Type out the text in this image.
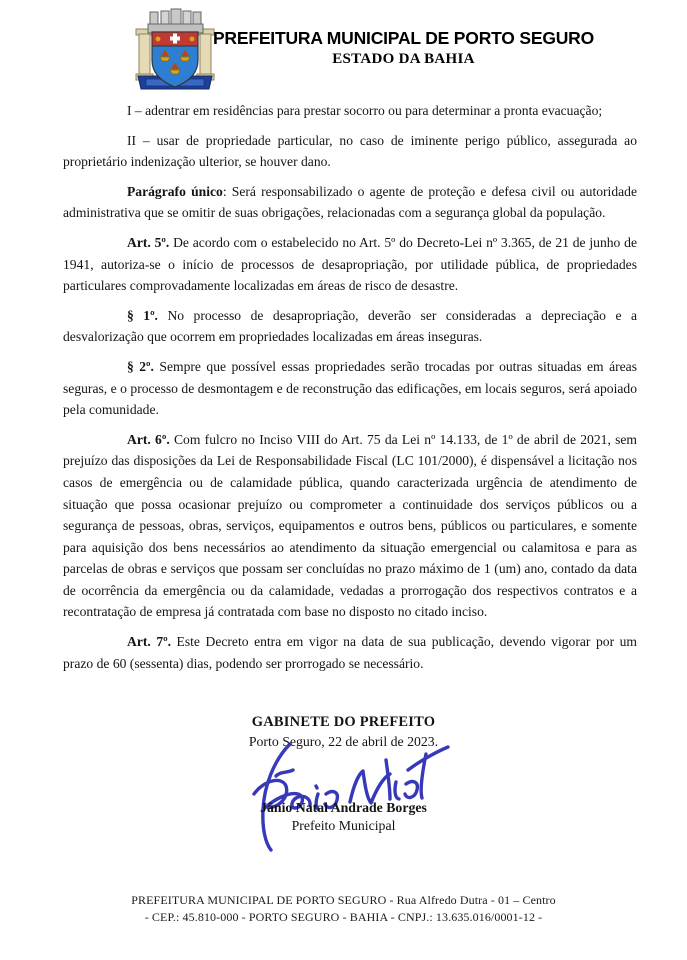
PREFEITURA MUNICIPAL DE PORTO SEGURO
ESTADO DA BAHIA

I – adentrar em residências para prestar socorro ou para determinar a pronta evacuação;

II – usar de propriedade particular, no caso de iminente perigo público, assegurada ao proprietário indenização ulterior, se houver dano.

Parágrafo único: Será responsabilizado o agente de proteção e defesa civil ou autoridade administrativa que se omitir de suas obrigações, relacionadas com a segurança global da população.

Art. 5º. De acordo com o estabelecido no Art. 5º do Decreto-Lei nº 3.365, de 21 de junho de 1941, autoriza-se o início de processos de desapropriação, por utilidade pública, de propriedades particulares comprovadamente localizadas em áreas de risco de desastre.

§ 1º. No processo de desapropriação, deverão ser consideradas a depreciação e a desvalorização que ocorrem em propriedades localizadas em áreas inseguras.

§ 2º. Sempre que possível essas propriedades serão trocadas por outras situadas em áreas seguras, e o processo de desmontagem e de reconstrução das edificações, em locais seguros, será apoiado pela comunidade.

Art. 6º. Com fulcro no Inciso VIII do Art. 75 da Lei nº 14.133, de 1º de abril de 2021, sem prejuízo das disposições da Lei de Responsabilidade Fiscal (LC 101/2000), é dispensável a licitação nos casos de emergência ou de calamidade pública, quando caracterizada urgência de atendimento de situação que possa ocasionar prejuízo ou comprometer a continuidade dos serviços públicos ou a segurança de pessoas, obras, serviços, equipamentos e outros bens, públicos ou particulares, e somente para aquisição dos bens necessários ao atendimento da situação emergencial ou calamitosa e para as parcelas de obras e serviços que possam ser concluídas no prazo máximo de 1 (um) ano, contado da data de ocorrência da emergência ou da calamidade, vedadas a prorrogação dos respectivos contratos e a recontratação de empresa já contratada com base no disposto no citado inciso.

Art. 7º. Este Decreto entra em vigor na data de sua publicação, devendo vigorar por um prazo de 60 (sessenta) dias, podendo ser prorrogado se necessário.

GABINETE DO PREFEITO
Porto Seguro, 22 de abril de 2023.
Jânio Natal Andrade Borges
Prefeito Municipal
PREFEITURA MUNICIPAL DE PORTO SEGURO - Rua Alfredo Dutra - 01 – Centro
- CEP.: 45.810-000 - PORTO SEGURO - BAHIA - CNPJ.: 13.635.016/0001-12 -
